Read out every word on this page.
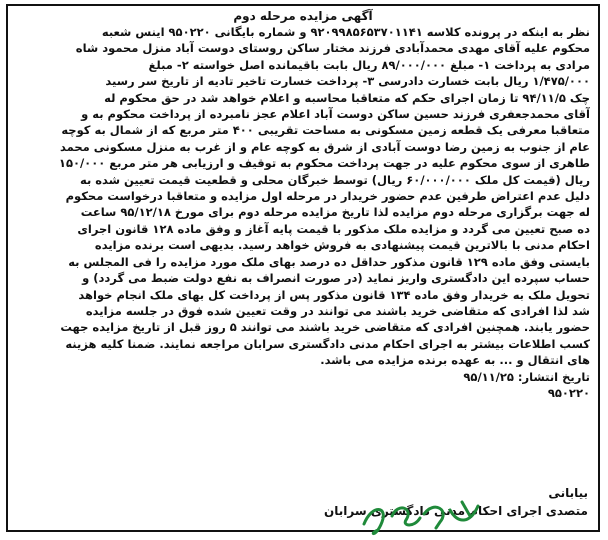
آگهی مزایده مرحله دوم
نظر به اینکه در پرونده کلاسه ۹۲۰۹۹۸۵۶۵۳۷۰۱۱۴۱ و شماره بایگانی ۹۵۰۲۲۰ اینس شعبه
محکوم علیه آقای مهدی محمدآبادی فرزند مختار ساکن روستای دوست آباد منزل محمود شاه
مرادی به پرداخت ۱- مبلغ ۸۹/۰۰۰/۰۰۰ ریال بابت باقیمانده اصل خواسته ۲- مبلغ
۱/۴۷۵/۰۰۰ ریال بابت خسارت دادرسی ۳- پرداخت خسارت تاخیر تادیه از تاریخ سر رسید
چک ۹۴/۱۱/۵ تا زمان اجرای حکم که متعاقبا محاسبه و اعلام خواهد شد در حق محکوم له
آقای محمدجعفری فرزند حسین ساکن دوست آباد اعلام عجز نامبرده از پرداخت محکوم به و
متعاقبا معرفی یک قطعه زمین مسکونی به مساحت تقریبی ۴۰۰ متر مربع که از شمال به کوچه
عام از جنوب به زمین رضا دوست آبادی از شرق به کوچه عام و از غرب به منزل مسکونی محمد
طاهری از سوی محکوم علیه در جهت پرداخت محکوم به توقیف و ارزیابی هر متر مربع ۱۵۰/۰۰۰
ریال (قیمت کل ملک ۶۰/۰۰۰/۰۰۰ ریال) توسط خبرگان محلی و قطعیت قیمت تعیین شده به
دلیل عدم اعتراض طرفین عدم حضور خریدار در مرحله اول مزایده و متعاقبا درخواست محکوم
له جهت برگزاری مرحله دوم مزایده لذا تاریخ مزایده مرحله دوم برای مورخ ۹۵/۱۲/۱۸ ساعت
ده صبح تعیین می گردد و مزایده ملک مذکور با قیمت پایه آغاز و وفق ماده ۱۲۸ قانون اجرای
احکام مدنی با بالاترین قیمت پیشنهادی به فروش خواهد رسید. بدیهی است برنده مزایده
بایستی وفق ماده ۱۲۹ قانون مذکور حداقل ده درصد بهای ملک مورد مزایده را فی المجلس به
حساب سپرده این دادگستری واریز نماید (در صورت انصراف به نفع دولت ضبط می گردد) و
تحویل ملک به خریدار وفق ماده ۱۳۴ قانون مذکور پس از پرداخت کل بهای ملک انجام خواهد
شد لذا افرادی که متقاضی خرید باشند می توانند در وقت تعیین شده فوق در جلسه مزایده
حضور یابند. همچنین افرادی که متقاضی خرید باشند می توانند ۵ روز قبل از تاریخ مزایده جهت
کسب اطلاعات بیشتر به اجرای احکام مدنی دادگستری سرابان مراجعه نمایند. ضمنا کلیه هزینه
های انتقال و ... به عهده برنده مزایده می باشد.
تاریخ انتشار: ۹۵/۱۱/۲۵
۹۵۰۲۲۰
بیابانی
متصدی اجرای احکام مدنی دادگستری سرابان
